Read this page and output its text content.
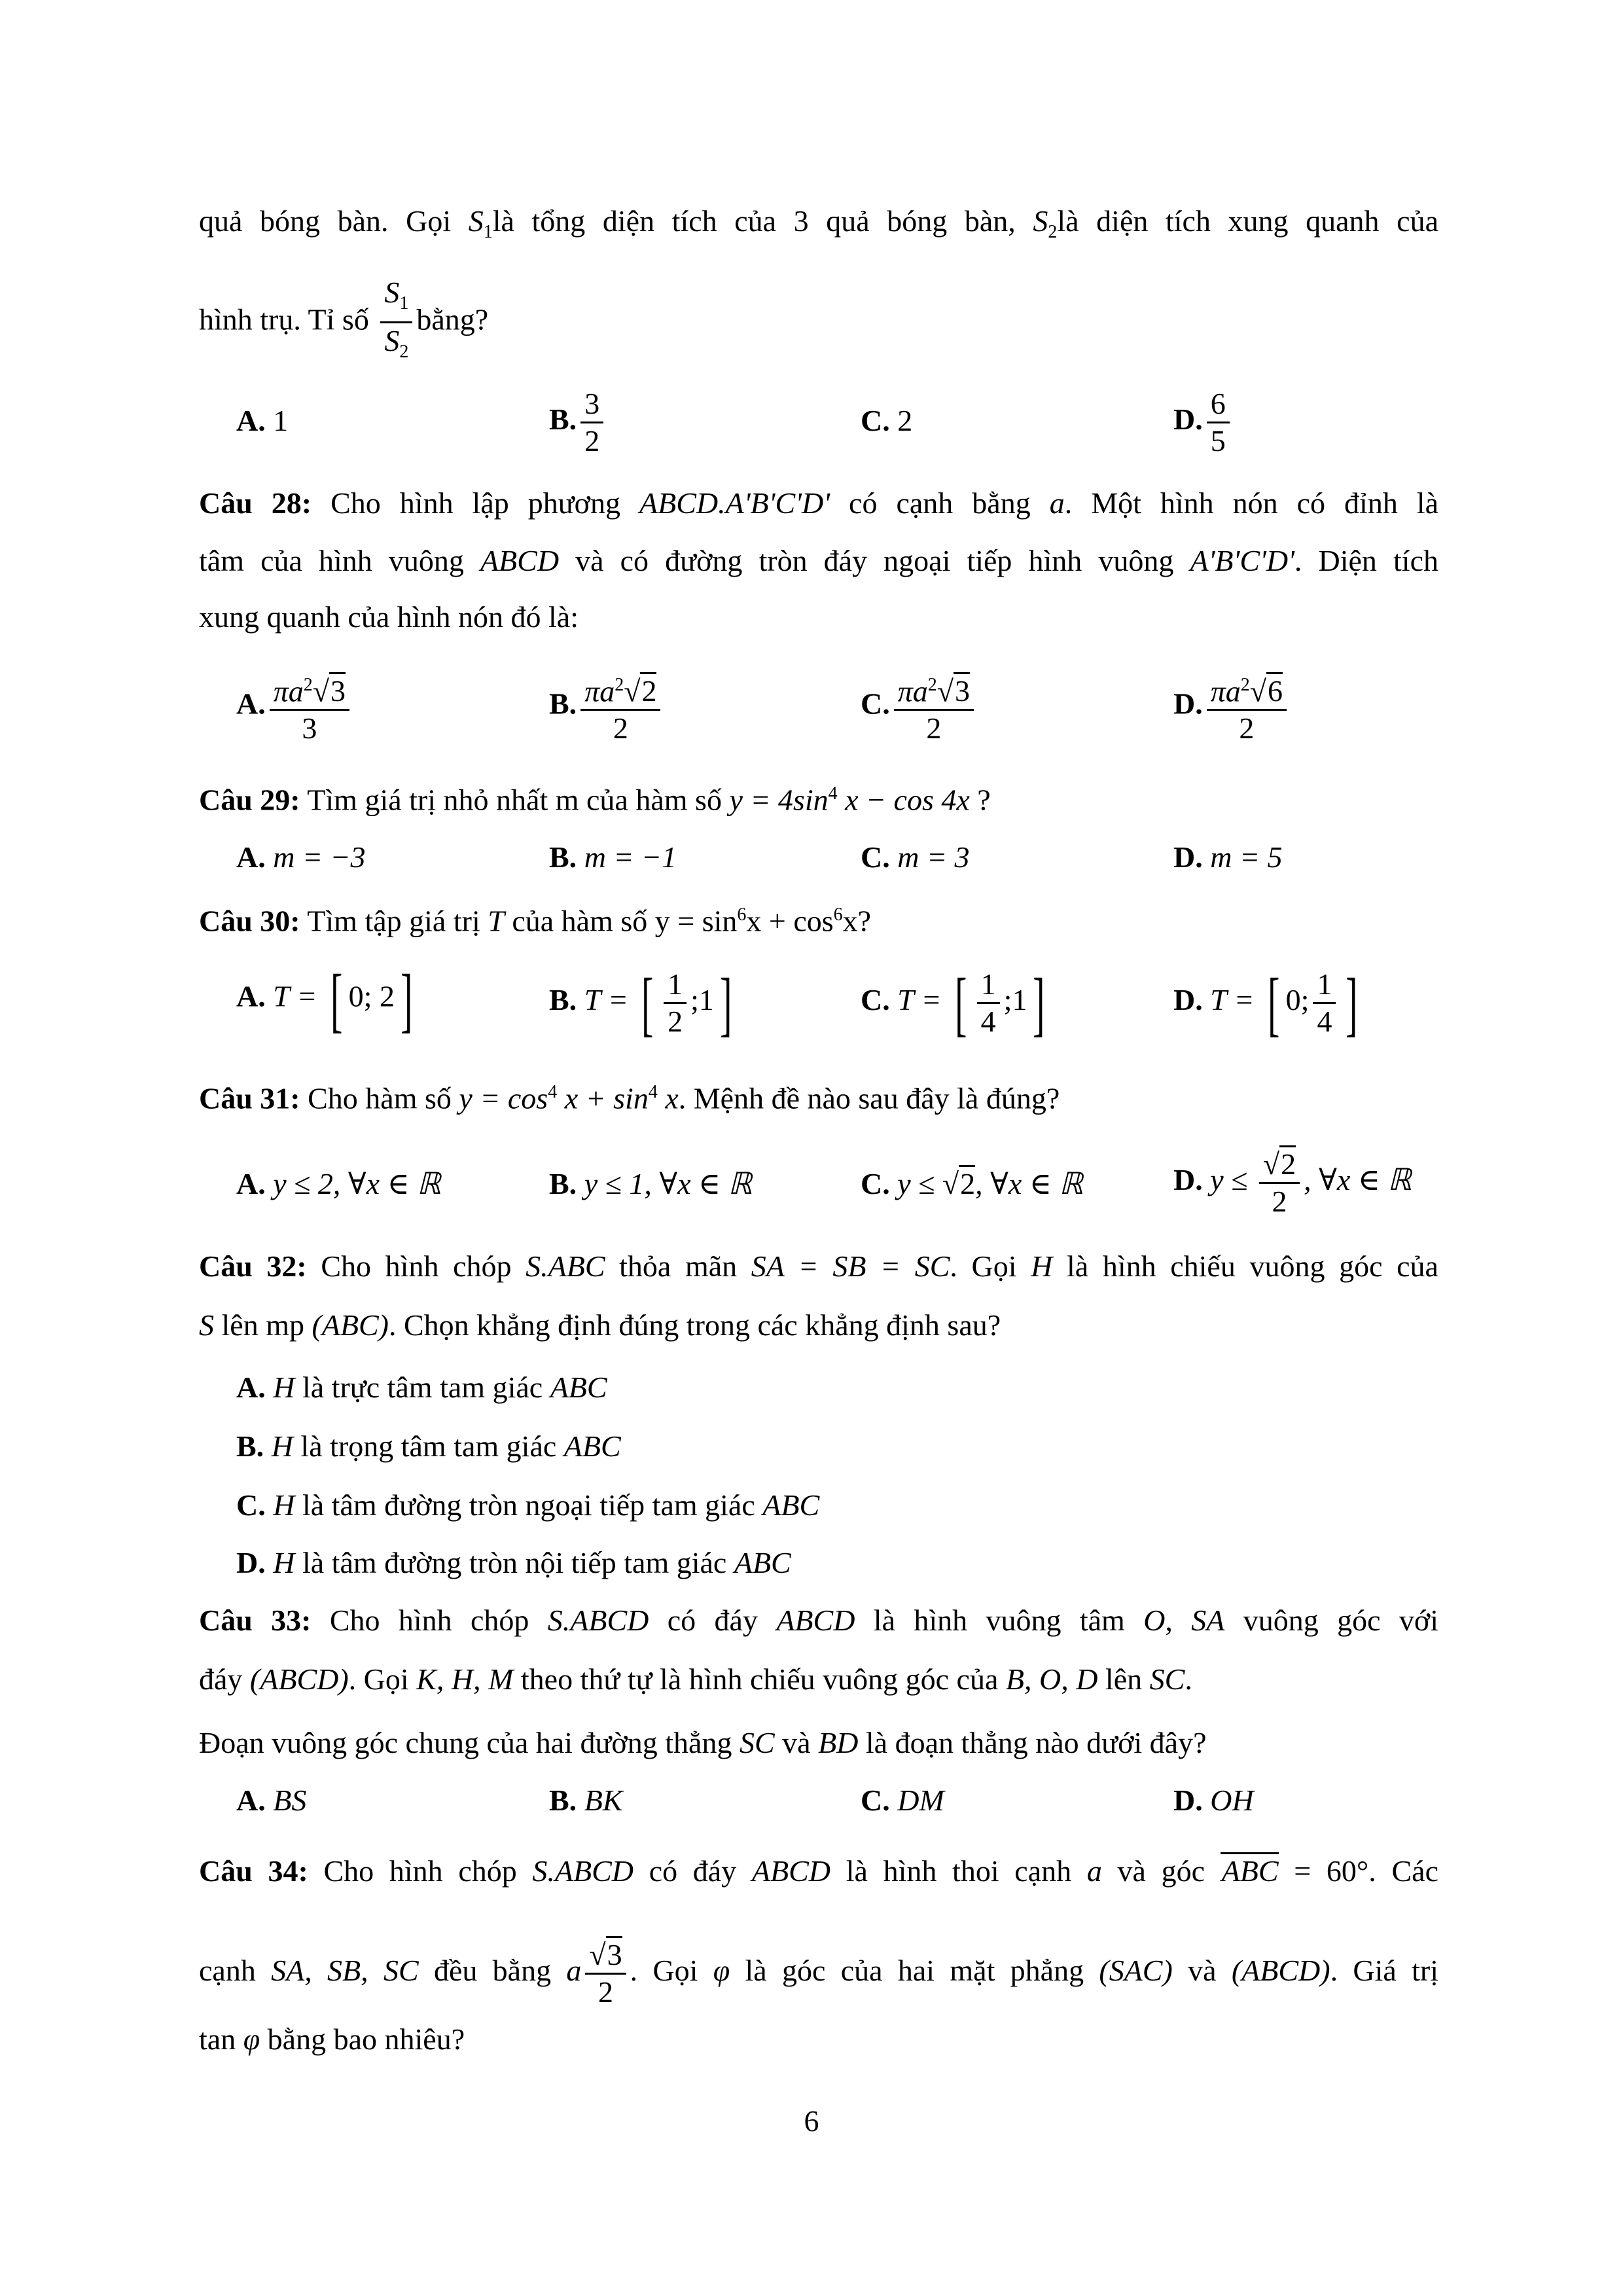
quả bóng bàn. Gọi $S_1là$ tổng diện tích của 3 quả bóng bàn, $S_2là$ diện tích xung quanh của
hình trụ. Tỉ số $\frac{S_1}{S_2}$ bằng?
A. 1	B. $\frac{3}{2}$	C. 2	D. $\frac{6}{5}$
Câu 28: Cho hình lập phương ABCD.A'B'C'D' có cạnh bằng a. Một hình nón có đỉnh là
tâm của hình vuông ABCD và có đường tròn đáy ngoại tiếp hình vuông A'B'C'D'. Diện tích
xung quanh của hình nón đó là:
A. $\frac{\pi a^2√3}{3}$	B. $\frac{\pi a^2√2}{2}$	C. $\frac{\pi a^2√3}{2}$	D. $\frac{\pi a^2√6}{2}$
Câu 29: Tìm giá trị nhỏ nhất m của hàm số $y = 4\sin^4$ x − cos 4x ?
A. m = −3	B. m = −1	C. m = 3	D. m = 5
Câu 30: Tìm tập giá trị T của hàm số $y = \sin^6x + \cos^6x$?
A. T = [ 0; 2]	B. T = [ $\frac{1}{2}$ ;1]	C. T = [ $\frac{1}{4}$ ;1]	D. T = [ 0; $\frac{1}{4}$ ]
Câu 31: Cho hàm số $y = \cos^4 x + \sin^4 x$. Mệnh đề nào sau đây là đúng?
A. y ≤ 2, ∀x ∈ ℝ	B. y ≤ 1, ∀x ∈ ℝ	C. y ≤ √2, ∀x ∈ ℝ	D. $y \le \frac{√2}{2}$ , ∀x ∈ ℝ
Câu 32: Cho hình chóp S.ABC thỏa mãn SA = SB = SC. Gọi H là hình chiếu vuông góc của
S lên mp (ABC). Chọn khẳng định đúng trong các khẳng định sau?
A. H là trực tâm tam giác ABC
B. H là trọng tâm tam giác ABC
C. H là tâm đường tròn ngoại tiếp tam giác ABC
D. H là tâm đường tròn nội tiếp tam giác ABC
Câu 33: Cho hình chóp S.ABCD có đáy ABCD là hình vuông tâm O, SA vuông góc với
đáy (ABCD). Gọi K, H, M theo thứ tự là hình chiếu vuông góc của B, O, D lên SC.
Đoạn vuông góc chung của hai đường thẳng SC và BD là đoạn thẳng nào dưới đây?
A. BS	B. BK	C. DM	D. OH
Câu 34: Cho hình chóp S.ABCD có đáy ABCD là hình thoi cạnh a và góc ABC = 60°. Các
cạnh SA, SB, SC đều bằng a $\frac{√3}{2}$ . Gọi φ là góc của hai mặt phẳng (SAC) và (ABCD). Giá trị
tan φ bằng bao nhiêu?
6
